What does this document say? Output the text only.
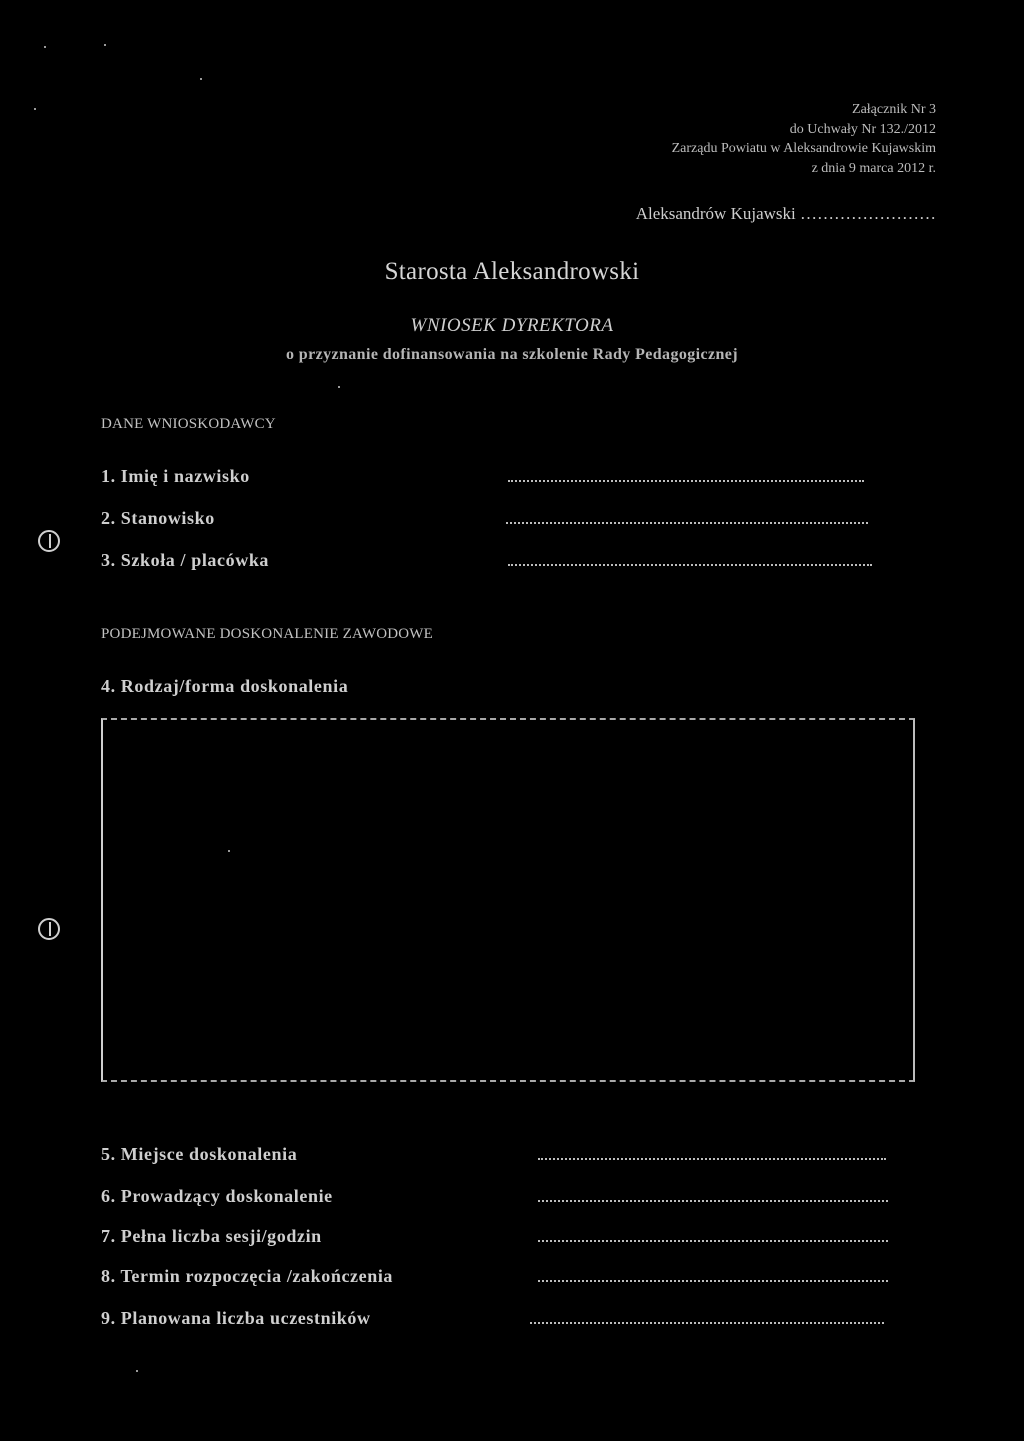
Załącznik Nr 3
do Uchwały Nr 132./2012
Zarządu Powiatu w Aleksandrowie Kujawskim
z dnia 9 marca 2012 r.
Aleksandrów Kujawski ……………………
Starosta Aleksandrowski
WNIOSEK DYREKTORA
o przyznanie dofinansowania na szkolenie Rady Pedagogicznej
DANE WNIOSKODAWCY
1. Imię i nazwisko
2. Stanowisko
3. Szkoła / placówka
PODEJMOWANE DOSKONALENIE ZAWODOWE
4. Rodzaj/forma doskonalenia
5. Miejsce doskonalenia
6. Prowadzący doskonalenie
7. Pełna liczba sesji/godzin
8. Termin rozpoczęcia /zakończenia
9. Planowana liczba uczestników
